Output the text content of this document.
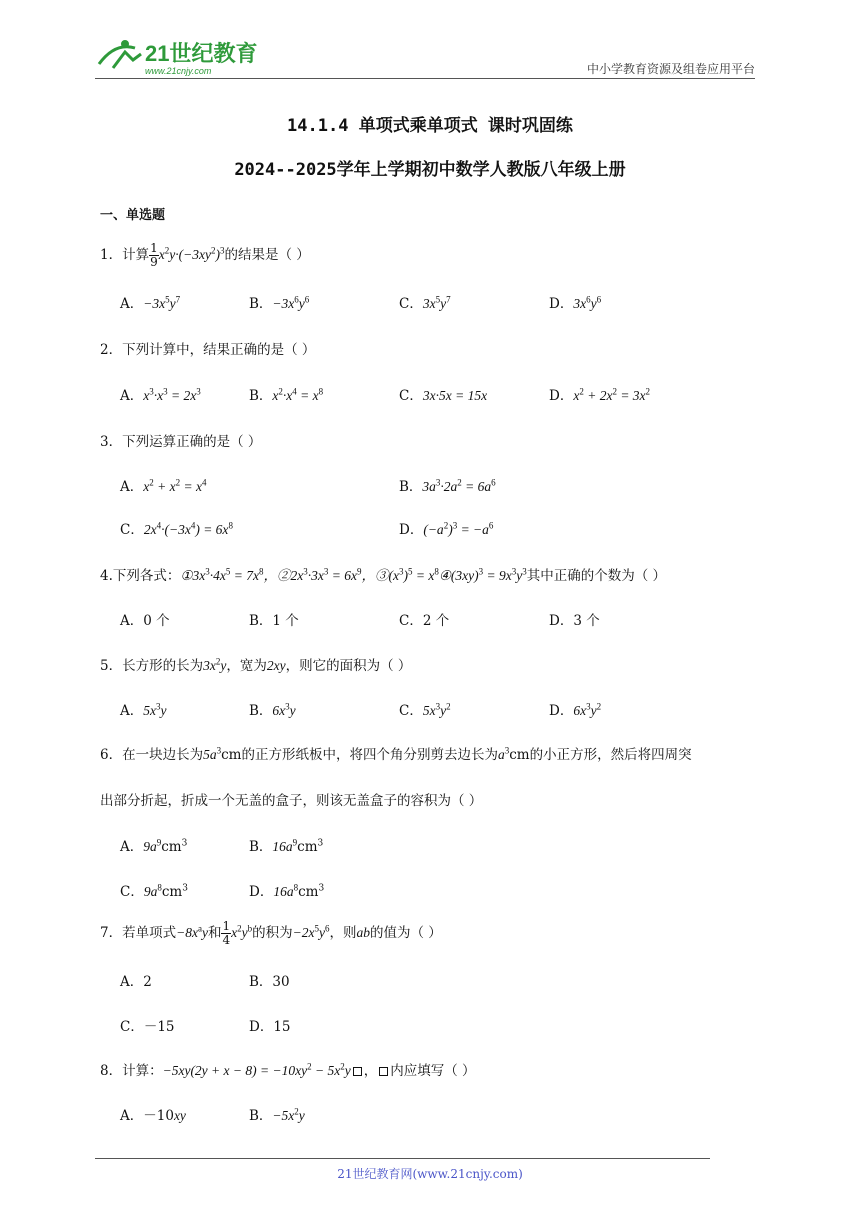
21世纪教育
www.21cnjy.com	中小学教育资源及组卷应用平台
14.1.4 单项式乘单项式 课时巩固练
2024--2025学年上学期初中数学人教版八年级上册
一、单选题
1．计算 $\frac{1}{9} x^2y\cdot(-3xy^2)^3$的结果是（ ）
A．$-3x^5y^7$	B．$-3x^6y^6$	C．$3x^5y^7$	D．$3x^6y^6$
2．下列计算中，结果正确的是（ ）
A．$x^3\cdot x^3 = 2x^3$	B．$x^2\cdot x^4 = x^8$	C．3x·5x = 15x	D．$x^2 + 2x^2 = 3x^2$
3．下列运算正确的是（ ）
A．$x^2 + x^2 = x^4$	B．$3a^3\cdot 2a^2 = 6a^6$
C．$2x^4\cdot(-3x^4) = 6x^8$	D．$(-a^2)^3 = -a^6$
4.下列各式：$①3x^3\cdot 4x^5 = 7x^8$，$②2x^3\cdot 3x^3 = 6x^9$，$③(x^3)^5$ = $x^8④(3xy)^3 = 9x^3y^3$其中正确的个数为（ ）
A．0 个	B．1 个	C．2 个	D．3 个
5．长方形的长为$3x^2y$，宽为2xy，则它的面积为（ ）
A．$5x^3y$	B．$6x^3y$	C．$5x^3y^2$	D．$6x^3y^2$
6．在一块边长为$5a^3cm$的正方形纸板中，将四个角分别剪去边长为$a^3cm$的小正方形，然后将四周突
出部分折起，折成一个无盖的盒子，则该无盖盒子的容积为（ ）
A．$9a^9cm^3$	B．$16a^9cm^3$
C．$9a^8cm^3$	D．$16a^8cm^3$
7．若单项式$-8x^ay$和 $\frac{1}{4} x^2y^b$的积为$-2x^5y^6$，则ab的值为（ ）
A．2	B．30
C．－15	D．15
8．计算：$-5xy(2y + x - 8) = -10xy^2 - 5x^2y$ ， 内应填写（ ）
A．－10xy	B．$-5x^2y$
21世纪教育网(www.21cnjy.com)
